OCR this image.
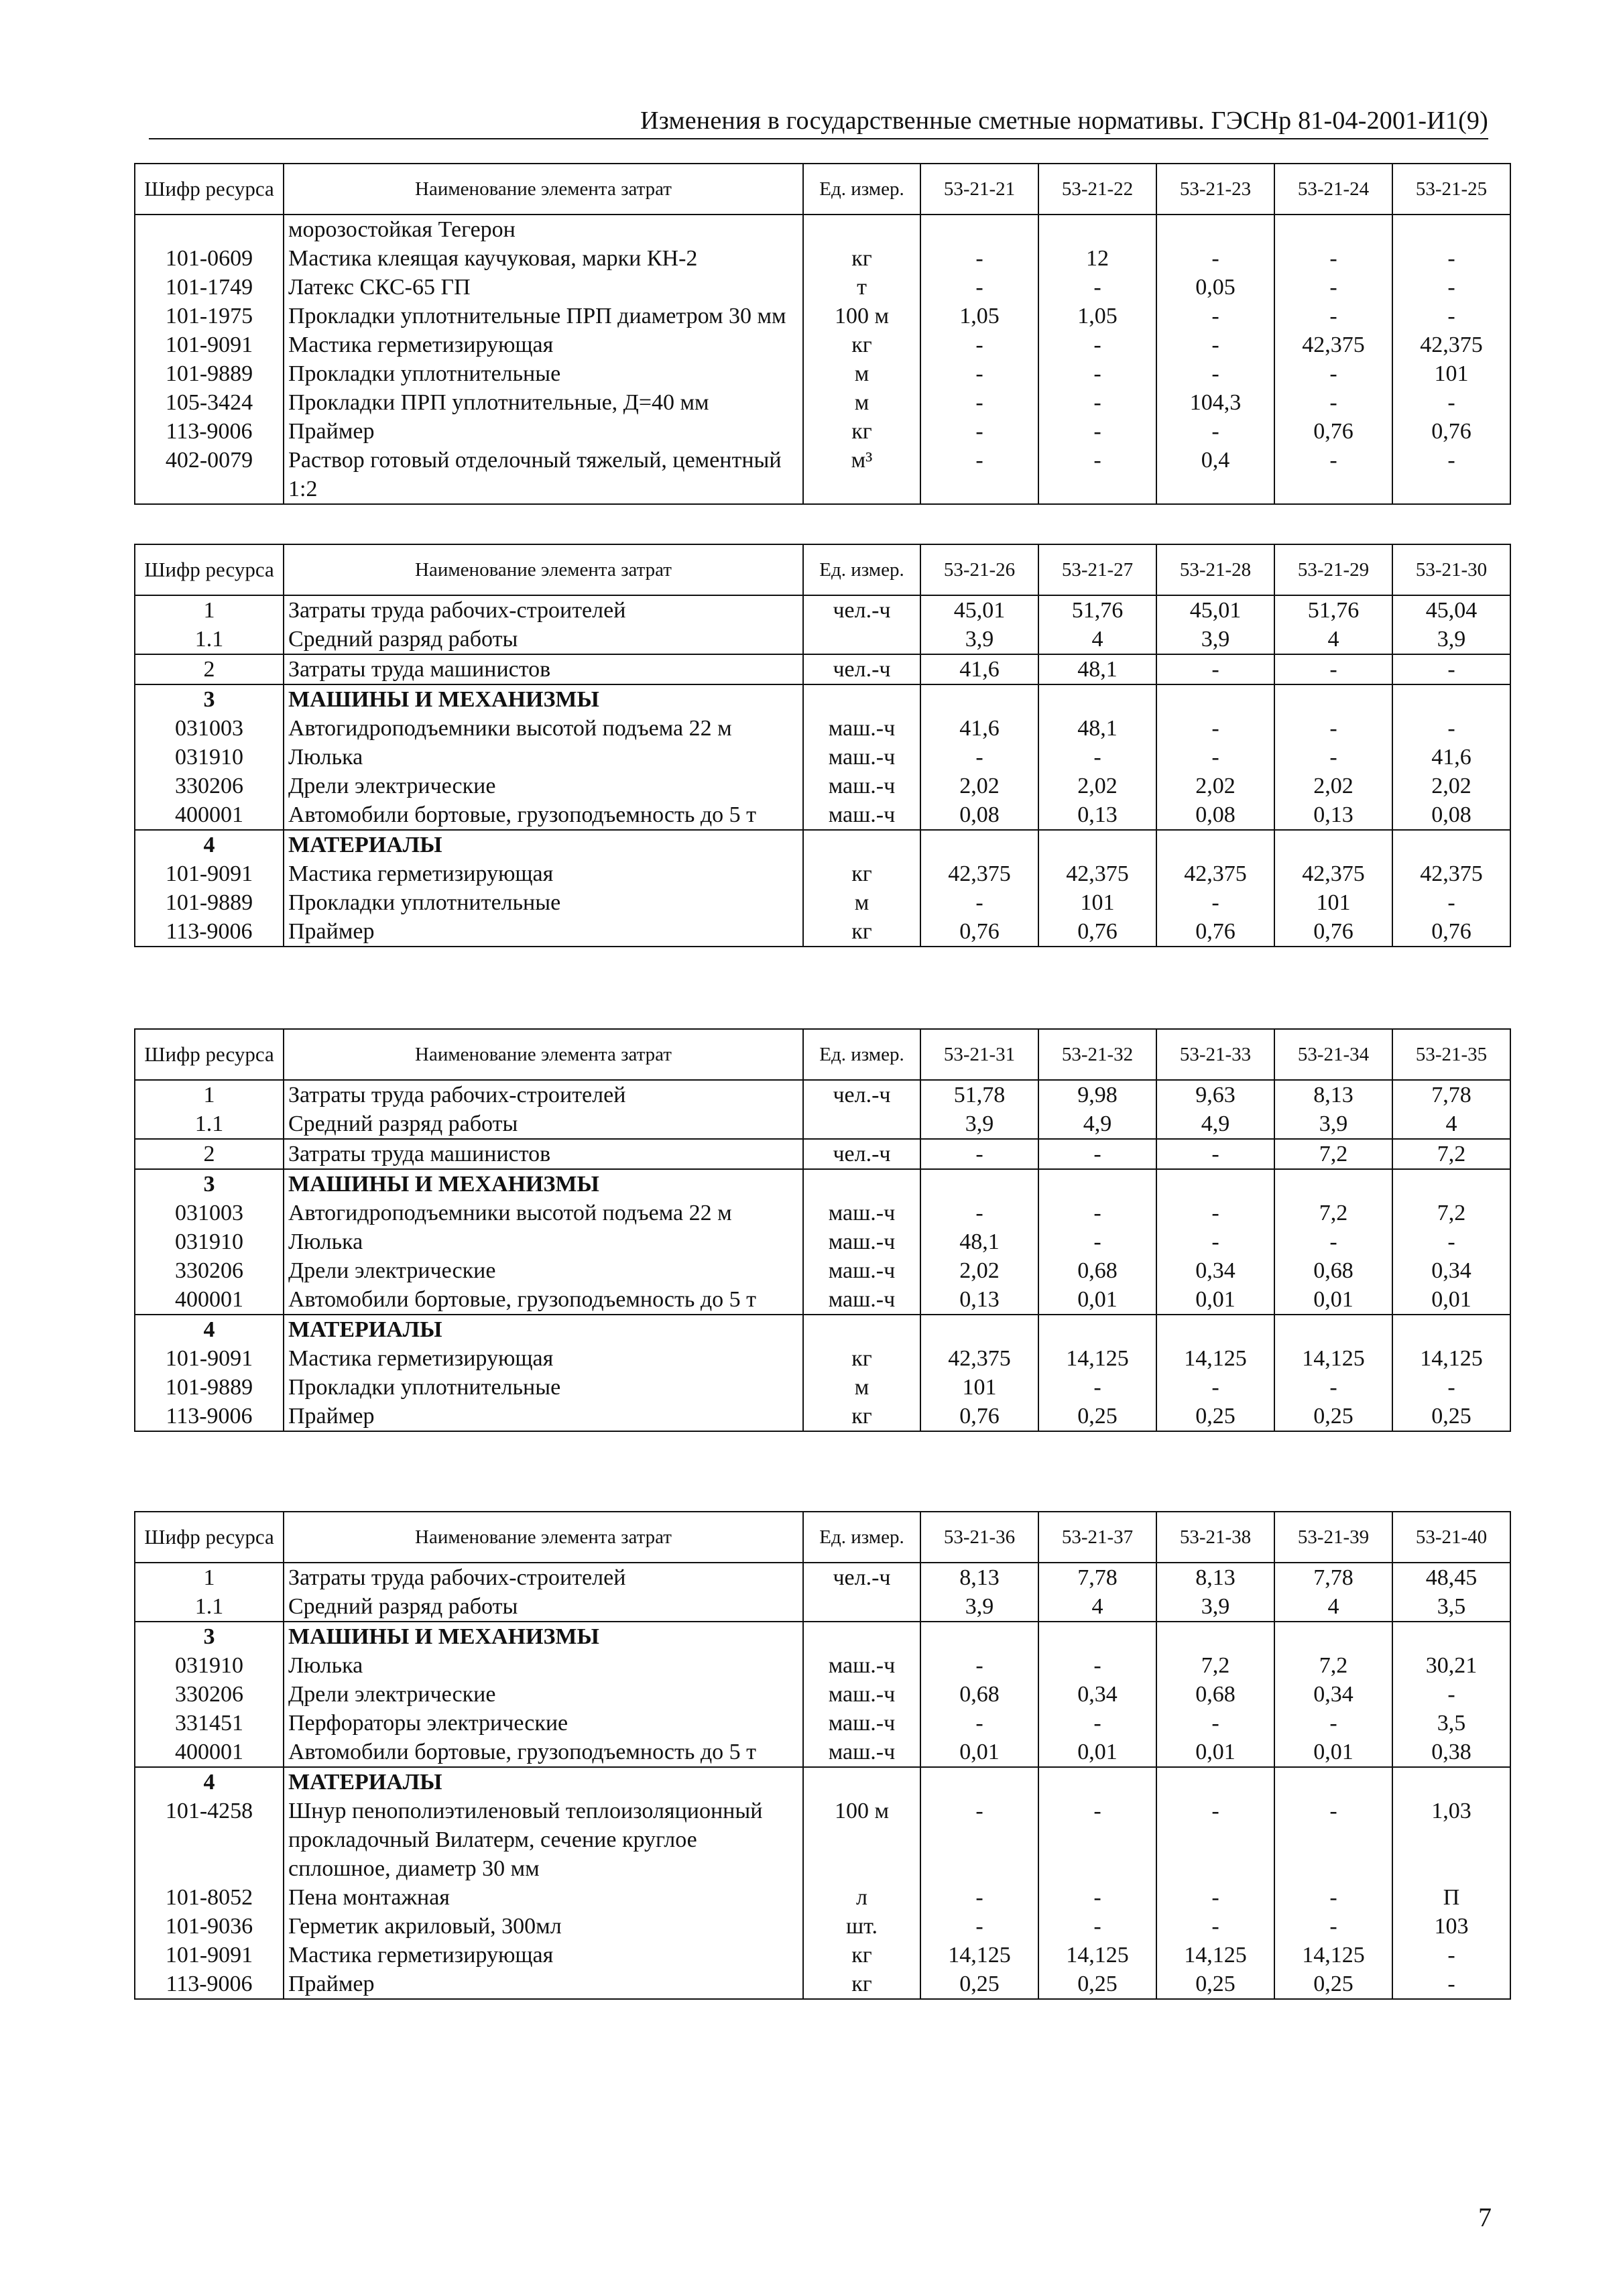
Изменения в государственные сметные нормативы. ГЭСНр 81-04-2001-И1(9)
Шифр ресурса	Наименование элемента затрат	Ед. измер.	53-21-21	53-21-22	53-21-23	53-21-24	53-21-25
	морозостойкая Тегерон						
101-0609	Мастика клеящая каучуковая, марки КН-2	кг	-	12	-	-	-
101-1749	Латекс СКС-65 ГП	т	-	-	0,05	-	-
101-1975	Прокладки уплотнительные ПРП диаметром 30 мм	100 м	1,05	1,05	-	-	-
101-9091	Мастика герметизирующая	кг	-	-	-	42,375	42,375
101-9889	Прокладки уплотнительные	м	-	-	-	-	101
105-3424	Прокладки ПРП уплотнительные, Д=40 мм	м	-	-	104,3	-	-
113-9006	Праймер	кг	-	-	-	0,76	0,76
402-0079	Раствор готовый отделочный тяжелый, цементный 1:2	м³	-	-	0,4	-	-
Шифр ресурса	Наименование элемента затрат	Ед. измер.	53-21-26	53-21-27	53-21-28	53-21-29	53-21-30
1	Затраты труда рабочих-строителей	чел.-ч	45,01	51,76	45,01	51,76	45,04
1.1	Средний разряд работы		3,9	4	3,9	4	3,9
2	Затраты труда машинистов	чел.-ч	41,6	48,1	-	-	-
3	МАШИНЫ И МЕХАНИЗМЫ						
031003	Автогидроподъемники высотой подъема 22 м	маш.-ч	41,6	48,1	-	-	-
031910	Люлька	маш.-ч	-	-	-	-	41,6
330206	Дрели электрические	маш.-ч	2,02	2,02	2,02	2,02	2,02
400001	Автомобили бортовые, грузоподъемность до 5 т	маш.-ч	0,08	0,13	0,08	0,13	0,08
4	МАТЕРИАЛЫ						
101-9091	Мастика герметизирующая	кг	42,375	42,375	42,375	42,375	42,375
101-9889	Прокладки уплотнительные	м	-	101	-	101	-
113-9006	Праймер	кг	0,76	0,76	0,76	0,76	0,76
Шифр ресурса	Наименование элемента затрат	Ед. измер.	53-21-31	53-21-32	53-21-33	53-21-34	53-21-35
1	Затраты труда рабочих-строителей	чел.-ч	51,78	9,98	9,63	8,13	7,78
1.1	Средний разряд работы		3,9	4,9	4,9	3,9	4
2	Затраты труда машинистов	чел.-ч	-	-	-	7,2	7,2
3	МАШИНЫ И МЕХАНИЗМЫ						
031003	Автогидроподъемники высотой подъема 22 м	маш.-ч	-	-	-	7,2	7,2
031910	Люлька	маш.-ч	48,1	-	-	-	-
330206	Дрели электрические	маш.-ч	2,02	0,68	0,34	0,68	0,34
400001	Автомобили бортовые, грузоподъемность до 5 т	маш.-ч	0,13	0,01	0,01	0,01	0,01
4	МАТЕРИАЛЫ						
101-9091	Мастика герметизирующая	кг	42,375	14,125	14,125	14,125	14,125
101-9889	Прокладки уплотнительные	м	101	-	-	-	-
113-9006	Праймер	кг	0,76	0,25	0,25	0,25	0,25
Шифр ресурса	Наименование элемента затрат	Ед. измер.	53-21-36	53-21-37	53-21-38	53-21-39	53-21-40
1	Затраты труда рабочих-строителей	чел.-ч	8,13	7,78	8,13	7,78	48,45
1.1	Средний разряд работы		3,9	4	3,9	4	3,5
3	МАШИНЫ И МЕХАНИЗМЫ						
031910	Люлька	маш.-ч	-	-	7,2	7,2	30,21
330206	Дрели электрические	маш.-ч	0,68	0,34	0,68	0,34	-
331451	Перфораторы электрические	маш.-ч	-	-	-	-	3,5
400001	Автомобили бортовые, грузоподъемность до 5 т	маш.-ч	0,01	0,01	0,01	0,01	0,38
4	МАТЕРИАЛЫ						
101-4258	Шнур пенополиэтиленовый теплоизоляционный прокладочный Вилатерм, сечение круглое сплошное, диаметр 30 мм	100 м	-	-	-	-	1,03
101-8052	Пена монтажная	л	-	-	-	-	П
101-9036	Герметик акриловый, 300мл	шт.	-	-	-	-	103
101-9091	Мастика герметизирующая	кг	14,125	14,125	14,125	14,125	-
113-9006	Праймер	кг	0,25	0,25	0,25	0,25	-
7
